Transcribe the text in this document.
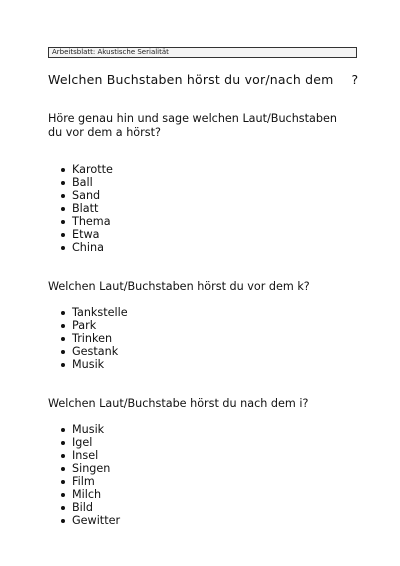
Arbeitsblatt: Akustische Serialität
Welchen Buchstaben hörst du vor/nach dem ?
Höre genau hin und sage welchen Laut/Buchstaben du vor dem a hörst?
Karotte
Ball
Sand
Blatt
Thema
Etwa
China
Welchen Laut/Buchstaben hörst du vor dem k?
Tankstelle
Park
Trinken
Gestank
Musik
Welchen Laut/Buchstabe hörst du nach dem i?
Musik
Igel
Insel
Singen
Film
Milch
Bild
Gewitter
